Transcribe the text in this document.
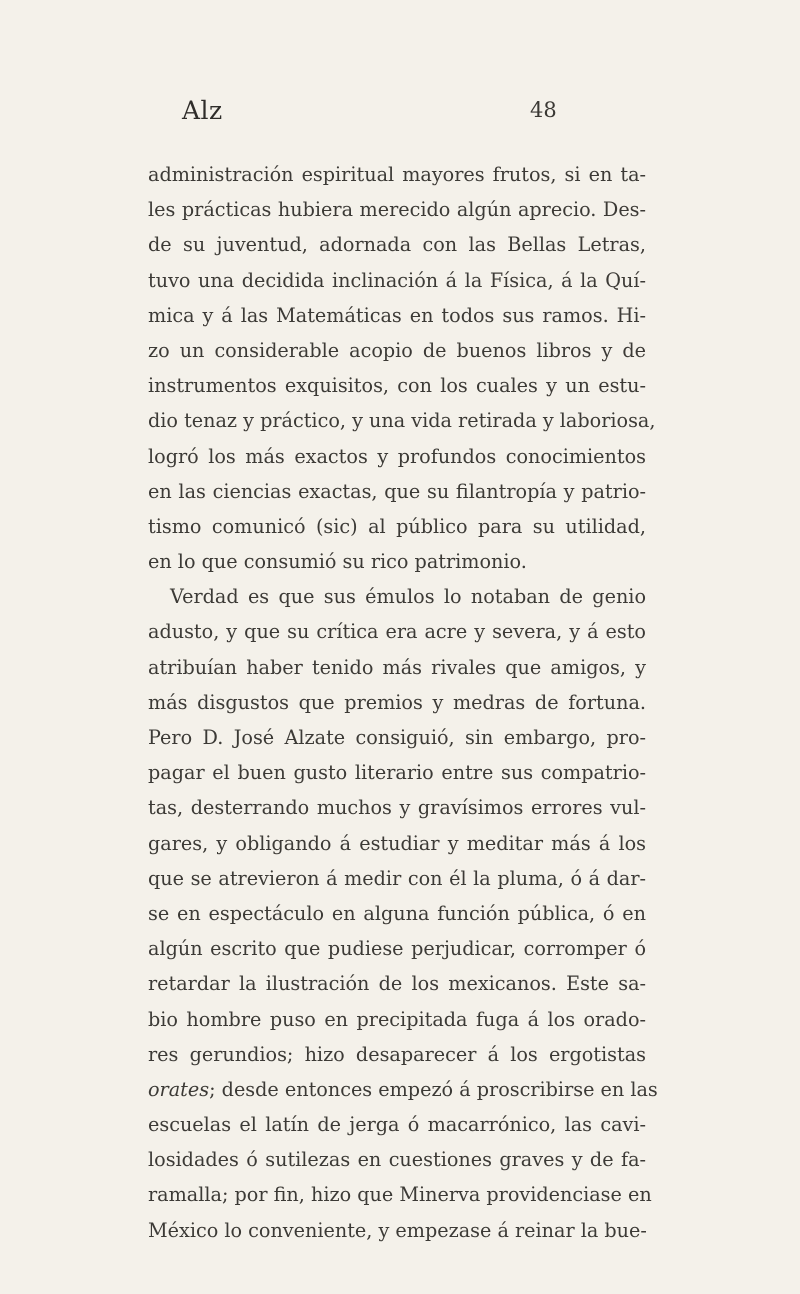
Alz	48
administración espiritual mayores frutos, si en ta-
les prácticas hubiera merecido algún aprecio. Des-
de su juventud, adornada con las Bellas Letras,
tuvo una decidida inclinación á la Física, á la Quí-
mica y á las Matemáticas en todos sus ramos. Hi-
zo un considerable acopio de buenos libros y de
instrumentos exquisitos, con los cuales y un estu-
dio tenaz y práctico, y una vida retirada y laboriosa,
logró los más exactos y profundos conocimientos
en las ciencias exactas, que su filantropía y patrio-
tismo comunicó (sic) al público para su utilidad,
en lo que consumió su rico patrimonio.
Verdad es que sus émulos lo notaban de genio
adusto, y que su crítica era acre y severa, y á esto
atribuían haber tenido más rivales que amigos, y
más disgustos que premios y medras de fortuna.
Pero D. José Alzate consiguió, sin embargo, pro-
pagar el buen gusto literario entre sus compatrio-
tas, desterrando muchos y gravísimos errores vul-
gares, y obligando á estudiar y meditar más á los
que se atrevieron á medir con él la pluma, ó á dar-
se en espectáculo en alguna función pública, ó en
algún escrito que pudiese perjudicar, corromper ó
retardar la ilustración de los mexicanos. Este sa-
bio hombre puso en precipitada fuga á los orado-
res gerundios; hizo desaparecer á los ergotistas
orates; desde entonces empezó á proscribirse en las
escuelas el latín de jerga ó macarrónico, las cavi-
losidades ó sutilezas en cuestiones graves y de fa-
ramalla; por fin, hizo que Minerva providenciase en
México lo conveniente, y empezase á reinar la bue-
